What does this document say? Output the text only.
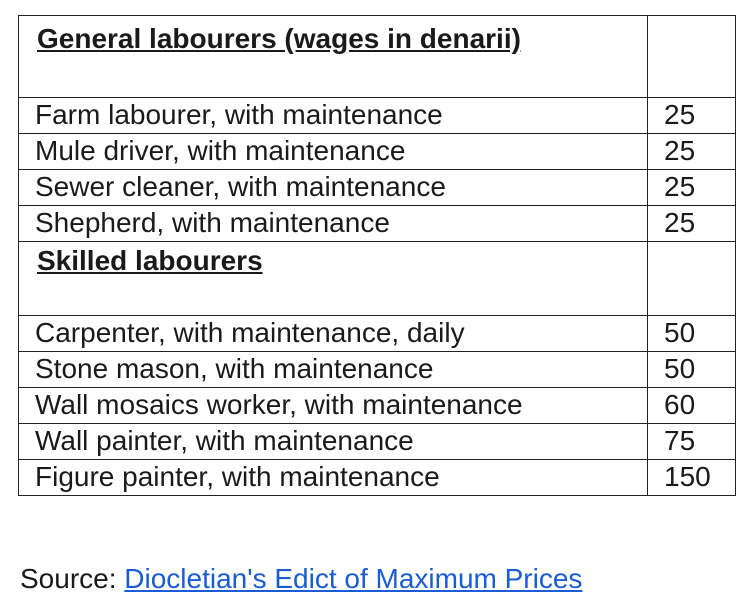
General labourers (wages in denarii)	
Farm labourer, with maintenance	25
Mule driver, with maintenance	25
Sewer cleaner, with maintenance	25
Shepherd, with maintenance	25
Skilled labourers	
Carpenter, with maintenance, daily	50
Stone mason, with maintenance	50
Wall mosaics worker, with maintenance	60
Wall painter, with maintenance	75
Figure painter, with maintenance	150
Source: Diocletian's Edict of Maximum Prices
